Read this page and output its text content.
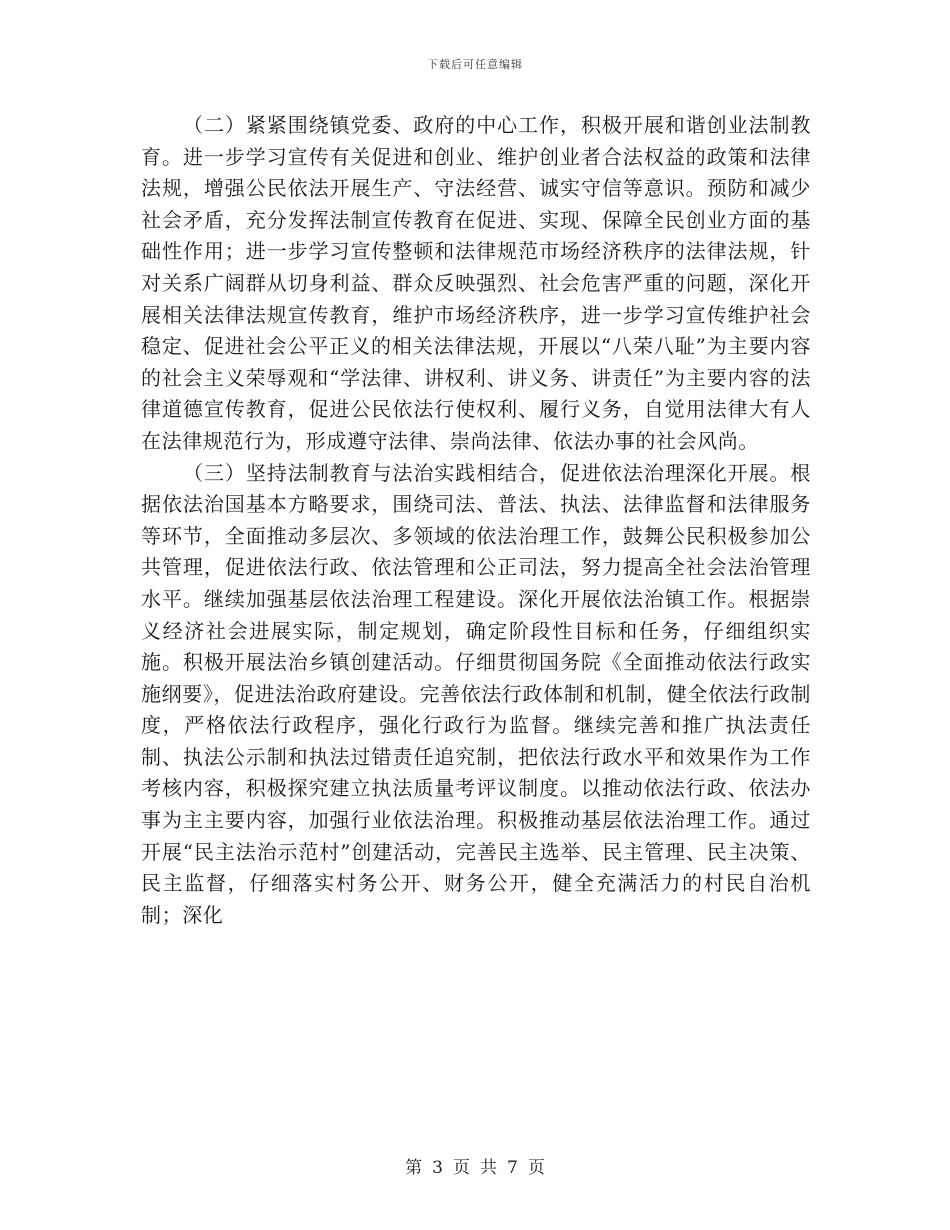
下载后可任意编辑

（二）紧紧围绕镇党委、政府的中心工作，积极开展和谐创业法制教育。进一步学习宣传有关促进和创业、维护创业者合法权益的政策和法律法规，增强公民依法开展生产、守法经营、诚实守信等意识。预防和减少社会矛盾，充分发挥法制宣传教育在促进、实现、保障全民创业方面的基础性作用；进一步学习宣传整顿和法律规范市场经济秩序的法律法规，针对关系广阔群从切身利益、群众反映强烈、社会危害严重的问题，深化开展相关法律法规宣传教育，维护市场经济秩序，进一步学习宣传维护社会稳定、促进社会公平正义的相关法律法规，开展以“八荣八耻”为主要内容的社会主义荣辱观和“学法律、讲权利、讲义务、讲责任”为主要内容的法律道德宣传教育，促进公民依法行使权利、履行义务，自觉用法律大有人在法律规范行为，形成遵守法律、崇尚法律、依法办事的社会风尚。

（三）坚持法制教育与法治实践相结合，促进依法治理深化开展。根据依法治国基本方略要求，围绕司法、普法、执法、法律监督和法律服务等环节，全面推动多层次、多领域的依法治理工作，鼓舞公民积极参加公共管理，促进依法行政、依法管理和公正司法，努力提高全社会法治管理水平。继续加强基层依法治理工程建设。深化开展依法治镇工作。根据崇义经济社会进展实际，制定规划，确定阶段性目标和任务，仔细组织实施。积极开展法治乡镇创建活动。仔细贯彻国务院《全面推动依法行政实施纲要》，促进法治政府建设。完善依法行政体制和机制，健全依法行政制度，严格依法行政程序，强化行政行为监督。继续完善和推广执法责任制、执法公示制和执法过错责任追究制，把依法行政水平和效果作为工作考核内容，积极探究建立执法质量考评议制度。以推动依法行政、依法办事为主主要内容，加强行业依法治理。积极推动基层依法治理工作。通过开展“民主法治示范村”创建活动，完善民主选举、民主管理、民主决策、民主监督，仔细落实村务公开、财务公开，健全充满活力的村民自治机制；深化

第 3 页 共 7 页
